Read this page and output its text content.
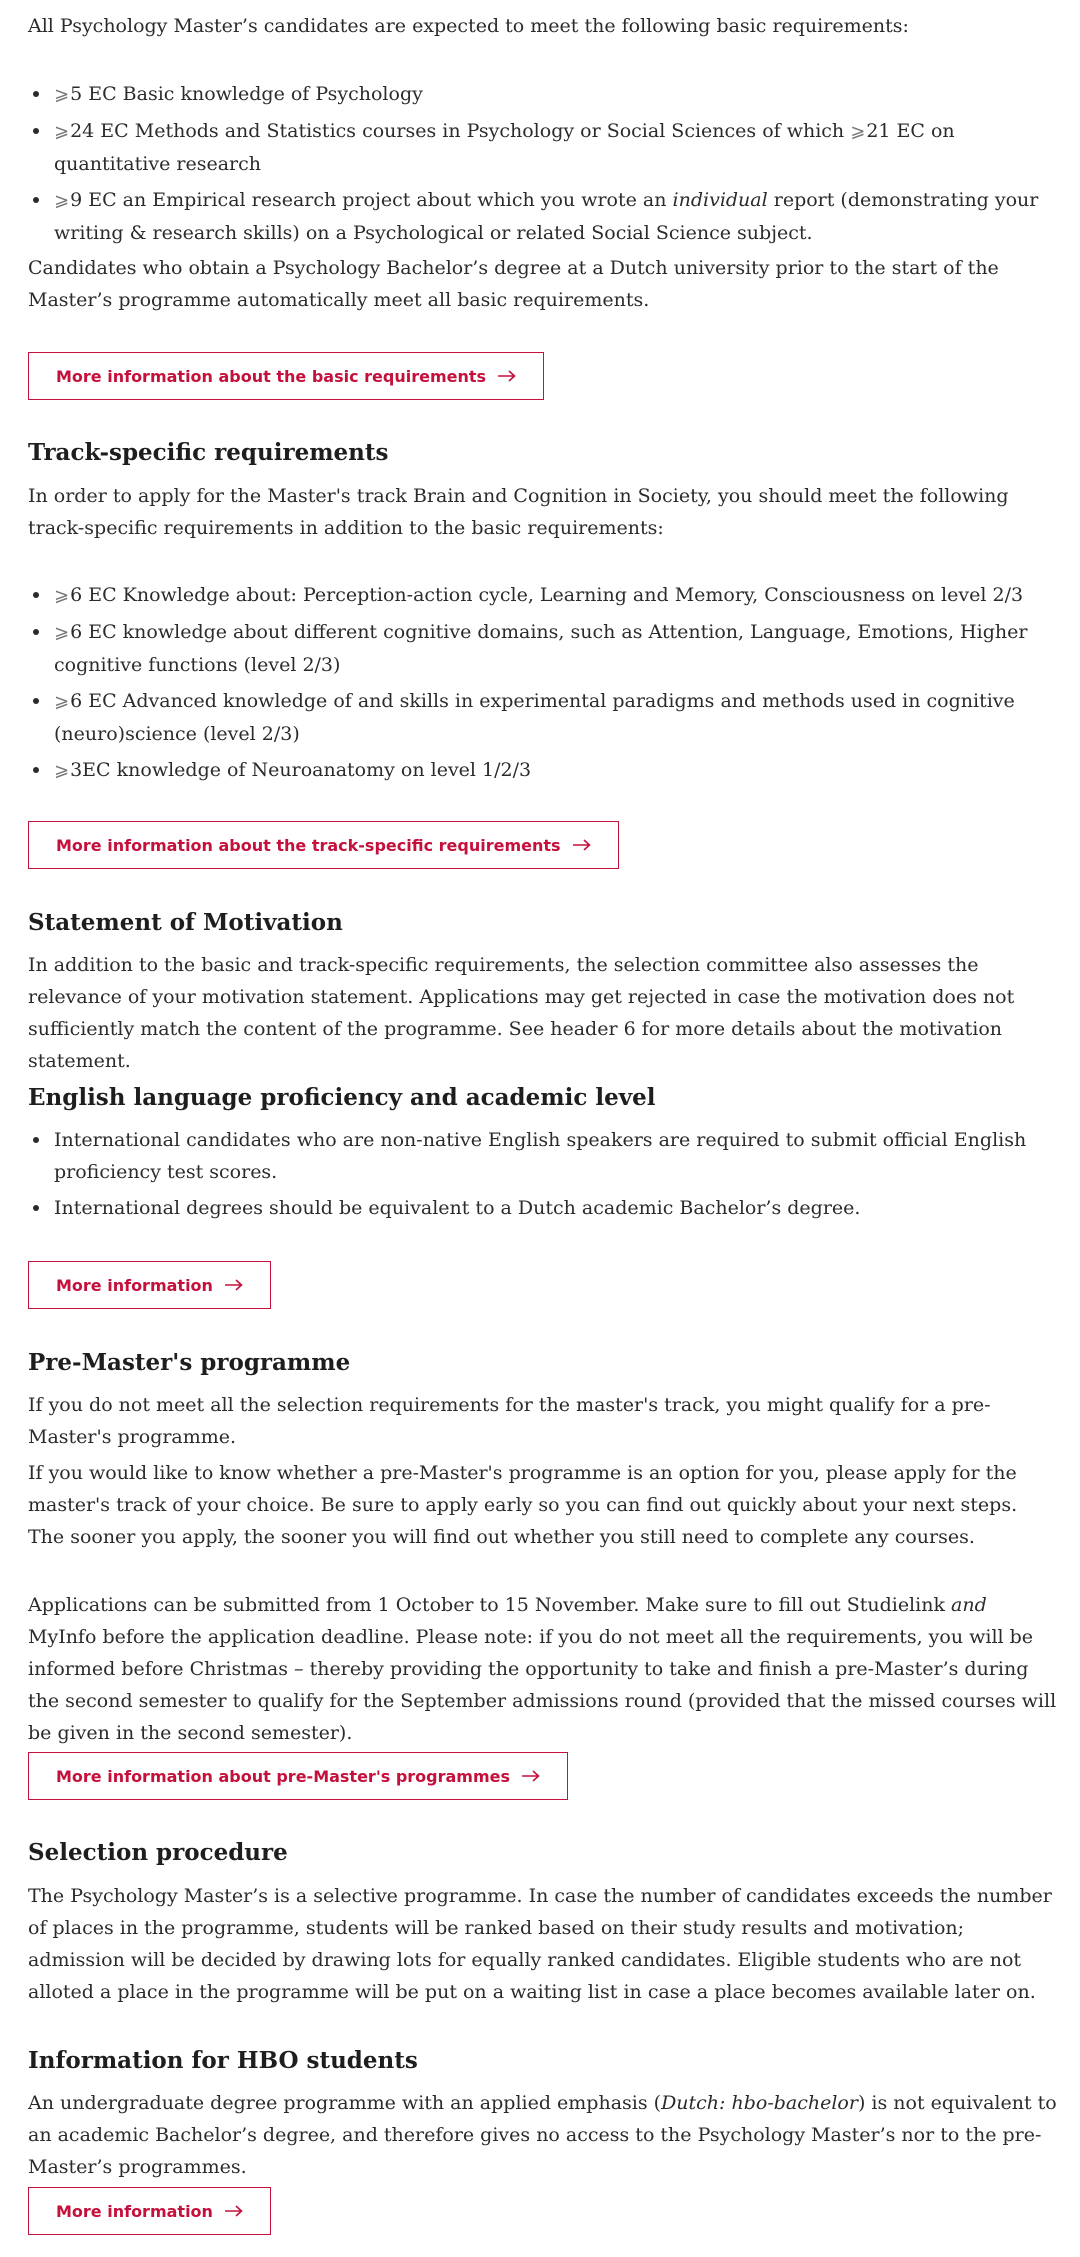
All Psychology Master’s candidates are expected to meet the following basic requirements:

⩾5 EC Basic knowledge of Psychology
⩾24 EC Methods and Statistics courses in Psychology or Social Sciences of which ⩾21 EC on quantitative research
⩾9 EC an Empirical research project about which you wrote an individual report (demonstrating your writing & research skills) on a Psychological or related Social Science subject.

Candidates who obtain a Psychology Bachelor’s degree at a Dutch university prior to the start of the Master’s programme automatically meet all basic requirements.

More information about the basic requirements
Track-specific requirements

In order to apply for the Master's track Brain and Cognition in Society, you should meet the following track-specific requirements in addition to the basic requirements:

⩾6 EC Knowledge about: Perception-action cycle, Learning and Memory, Consciousness on level 2/3
⩾6 EC knowledge about different cognitive domains, such as Attention, Language, Emotions, Higher cognitive functions (level 2/3)
⩾6 EC Advanced knowledge of and skills in experimental paradigms and methods used in cognitive (neuro)science (level 2/3)
⩾3EC knowledge of Neuroanatomy on level 1/2/3
More information about the track-specific requirements
Statement of Motivation

In addition to the basic and track-specific requirements, the selection committee also assesses the relevance of your motivation statement. Applications may get rejected in case the motivation does not sufficiently match the content of the programme. See header 6 for more details about the motivation statement.

English language proficiency and academic level
International candidates who are non-native English speakers are required to submit official English proficiency test scores.
International degrees should be equivalent to a Dutch academic Bachelor’s degree.
More information
Pre-Master's programme

If you do not meet all the selection requirements for the master's track, you might qualify for a pre-Master's programme.

If you would like to know whether a pre-Master's programme is an option for you, please apply for the master's track of your choice. Be sure to apply early so you can find out quickly about your next steps. The sooner you apply, the sooner you will find out whether you still need to complete any courses.

Applications can be submitted from 1 October to 15 November. Make sure to fill out Studielink and MyInfo before the application deadline. Please note: if you do not meet all the requirements, you will be informed before Christmas – thereby providing the opportunity to take and finish a pre-Master’s during the second semester to qualify for the September admissions round (provided that the missed courses will be given in the second semester).

More information about pre-Master's programmes
Selection procedure

The Psychology Master’s is a selective programme. In case the number of candidates exceeds the number of places in the programme, students will be ranked based on their study results and motivation; admission will be decided by drawing lots for equally ranked candidates. Eligible students who are not alloted a place in the programme will be put on a waiting list in case a place becomes available later on.

Information for HBO students

An undergraduate degree programme with an applied emphasis (Dutch: hbo-bachelor) is not equivalent to an academic Bachelor’s degree, and therefore gives no access to the Psychology Master’s nor to the pre-Master’s programmes.

More information
